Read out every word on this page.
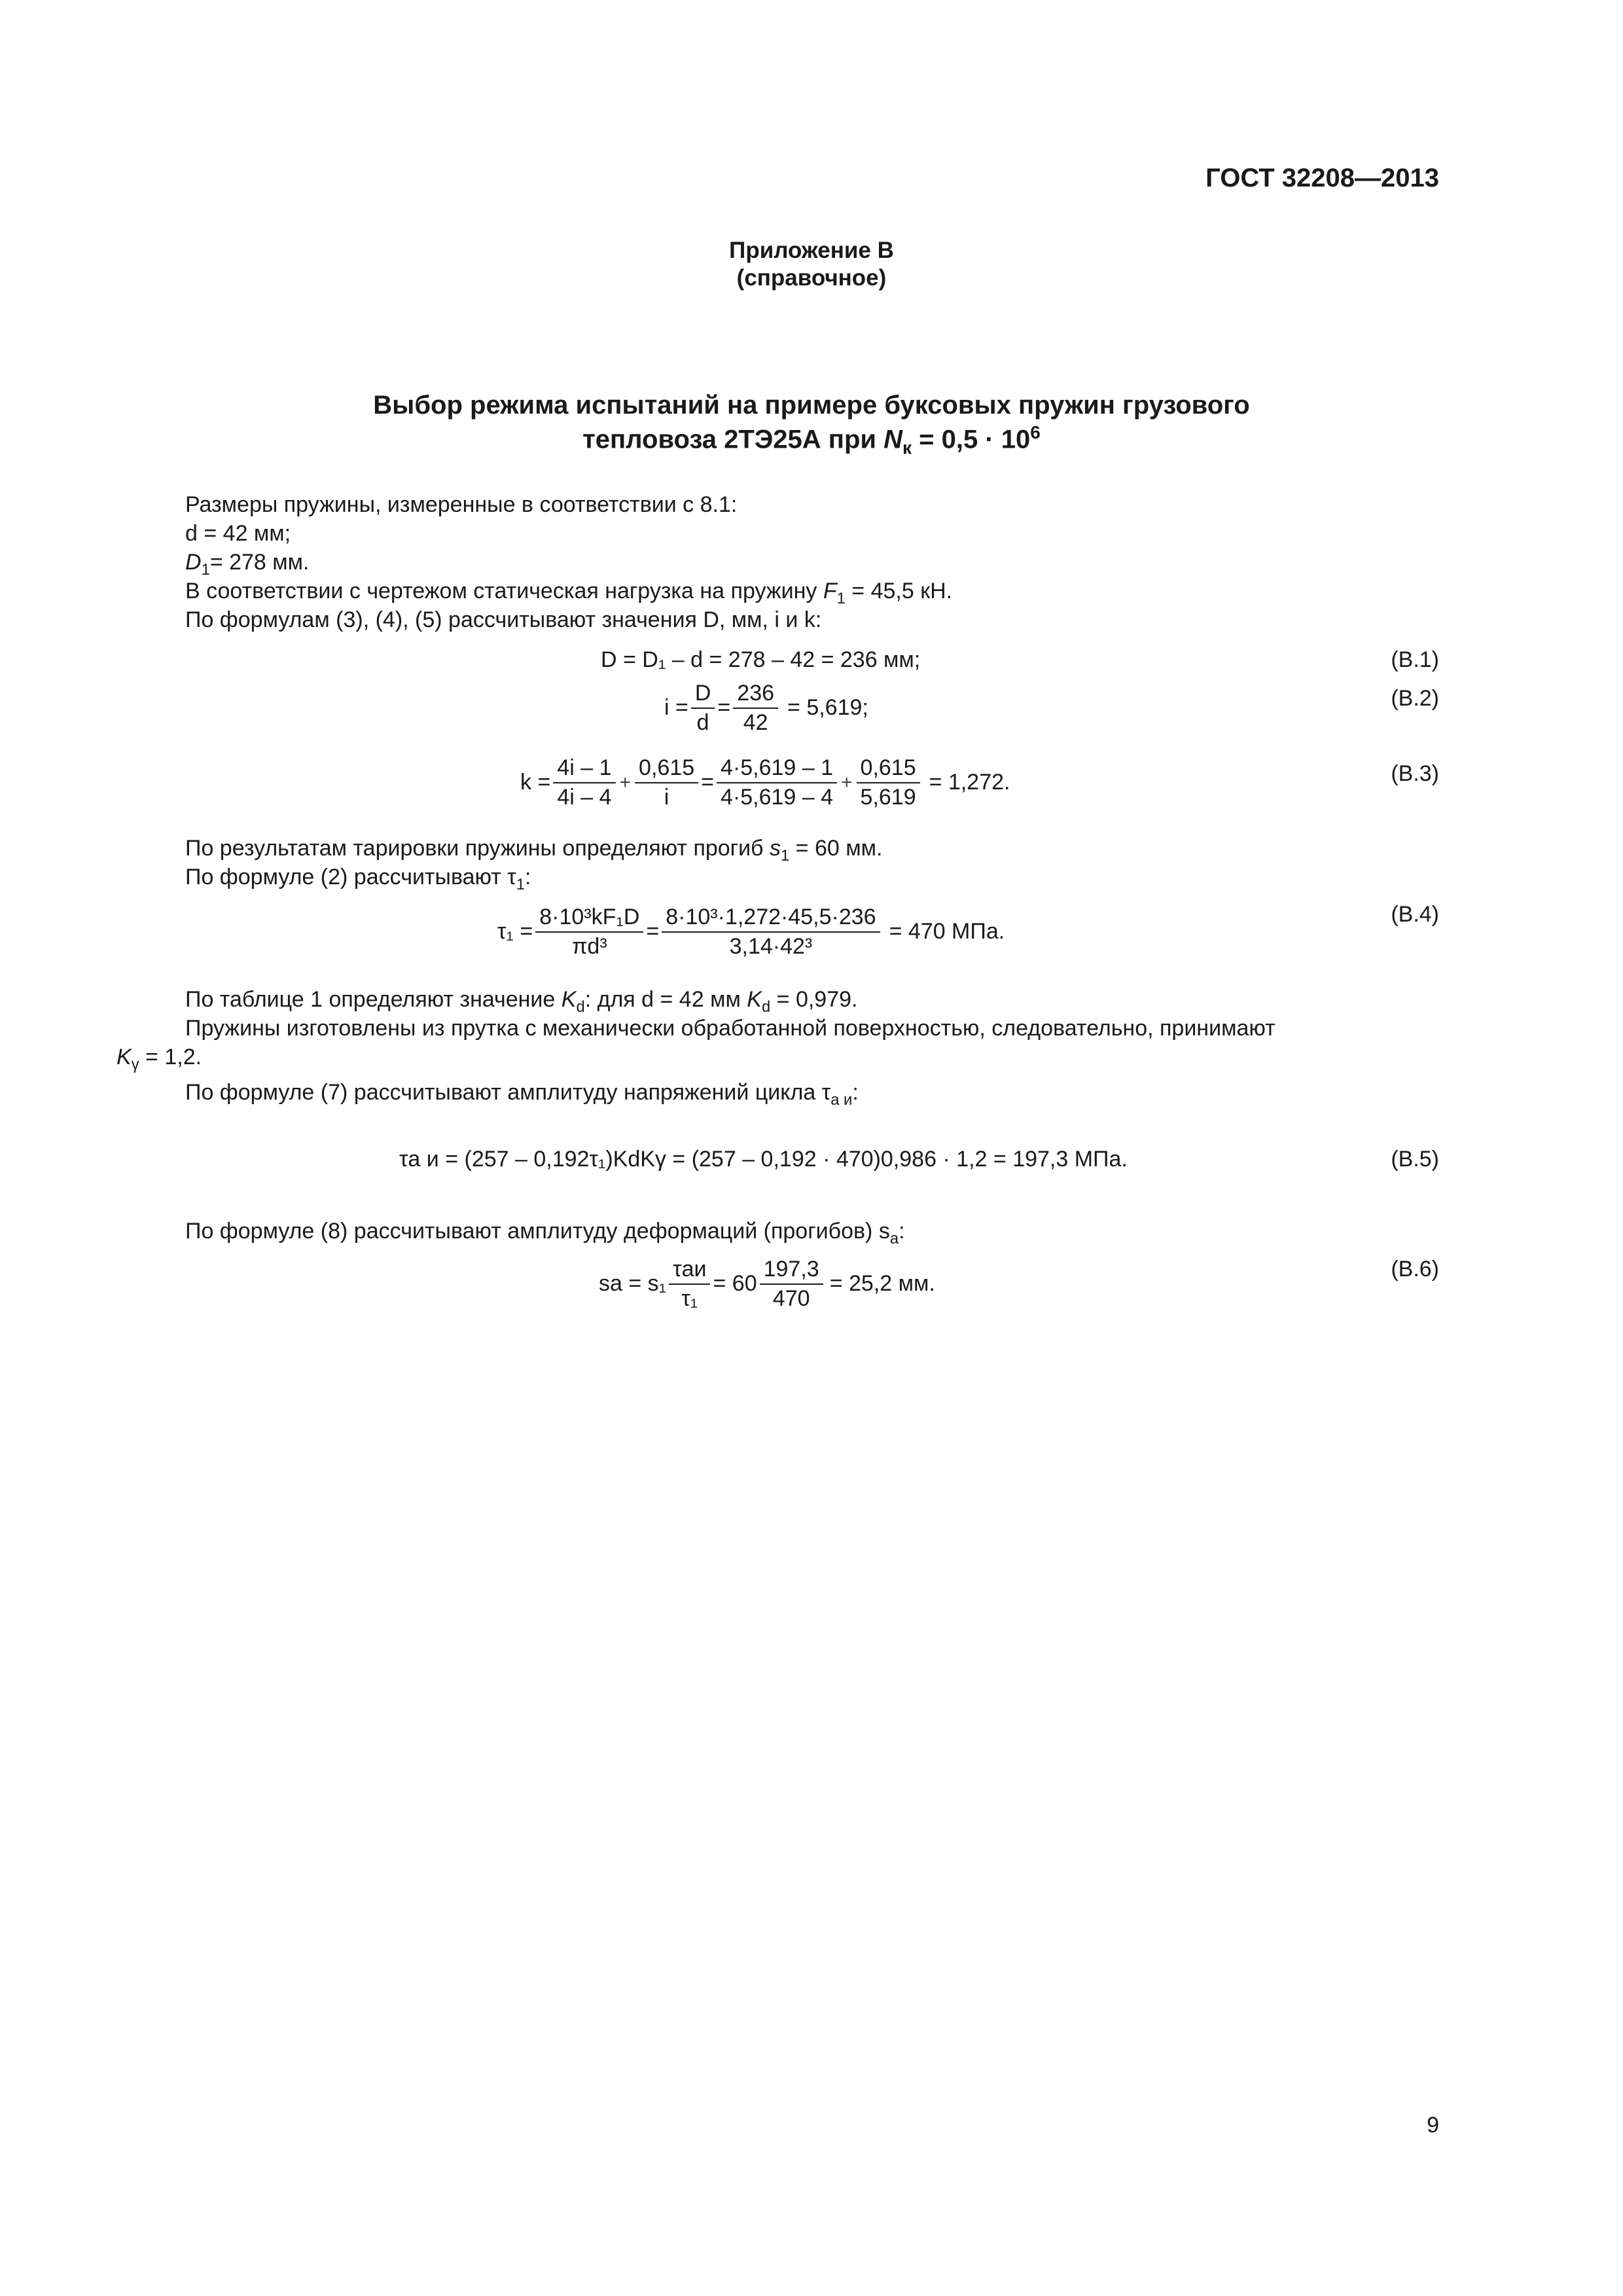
ГОСТ 32208—2013
Приложение В
(справочное)
Выбор режима испытаний на примере буксовых пружин грузового
тепловоза 2ТЭ25А при $N_к = 0,5 \cdot 10^6$
Размеры пружины, измеренные в соответствии с 8.1:
d = 42 мм;
$D_1= 278$ мм.
В соответствии с чертежом статическая нагрузка на пружину $F_1 = 45,5$ кН.
По формулам (3), (4), (5) рассчитывают значения D, мм, i и k:
D = D₁ – d = 278 – 42 = 236 мм;	(В.1)
$i = \frac{D}{d} = \frac{236}{42} = 5,619$;	(В.2)
$k = \frac{4i - 1}{4i - 4} + \frac{0,615}{i} = \frac{4\cdot 5,619 - 1}{4\cdot 5,619 - 4} + \frac{0,615}{5,619} = 1,272$.	(В.3)
По результатам тарировки пружины определяют прогиб $s_1 = 60$ мм.
По формуле (2) рассчитывают $\tau_1$:
$\tau_1 = \frac{\text{8·10³kF₁D}}{\text{πd³}} = \frac{\text{8·10³·1,272·45,5·236}}{\text{3,14·42³}} = 470$ МПа.
(В.4)
По таблице 1 определяют значение $K_d$: для d = 42 мм $K_d = 0,979$.
Пружины изготовлены из прутка с механически обработанной поверхностью, следовательно, принимают
$K_\gamma = 1,2$.
По формуле (7) рассчитывают амплитуду напряжений цикла $\tau_{а и}$:
τа и = (257 – 0,192τ₁)KdKγ = (257 – 0,192 · 470)0,986 · 1,2 = 197,3 МПа.	(В.5)
По формуле (8) рассчитывают амплитуду деформаций (прогибов) $s_а$:
sа = $s_1 \frac{\text{τаи}}{\text{τ₁}} = 60 \frac{197,3}{470} = 25,2$ мм.
(В.6)
9
